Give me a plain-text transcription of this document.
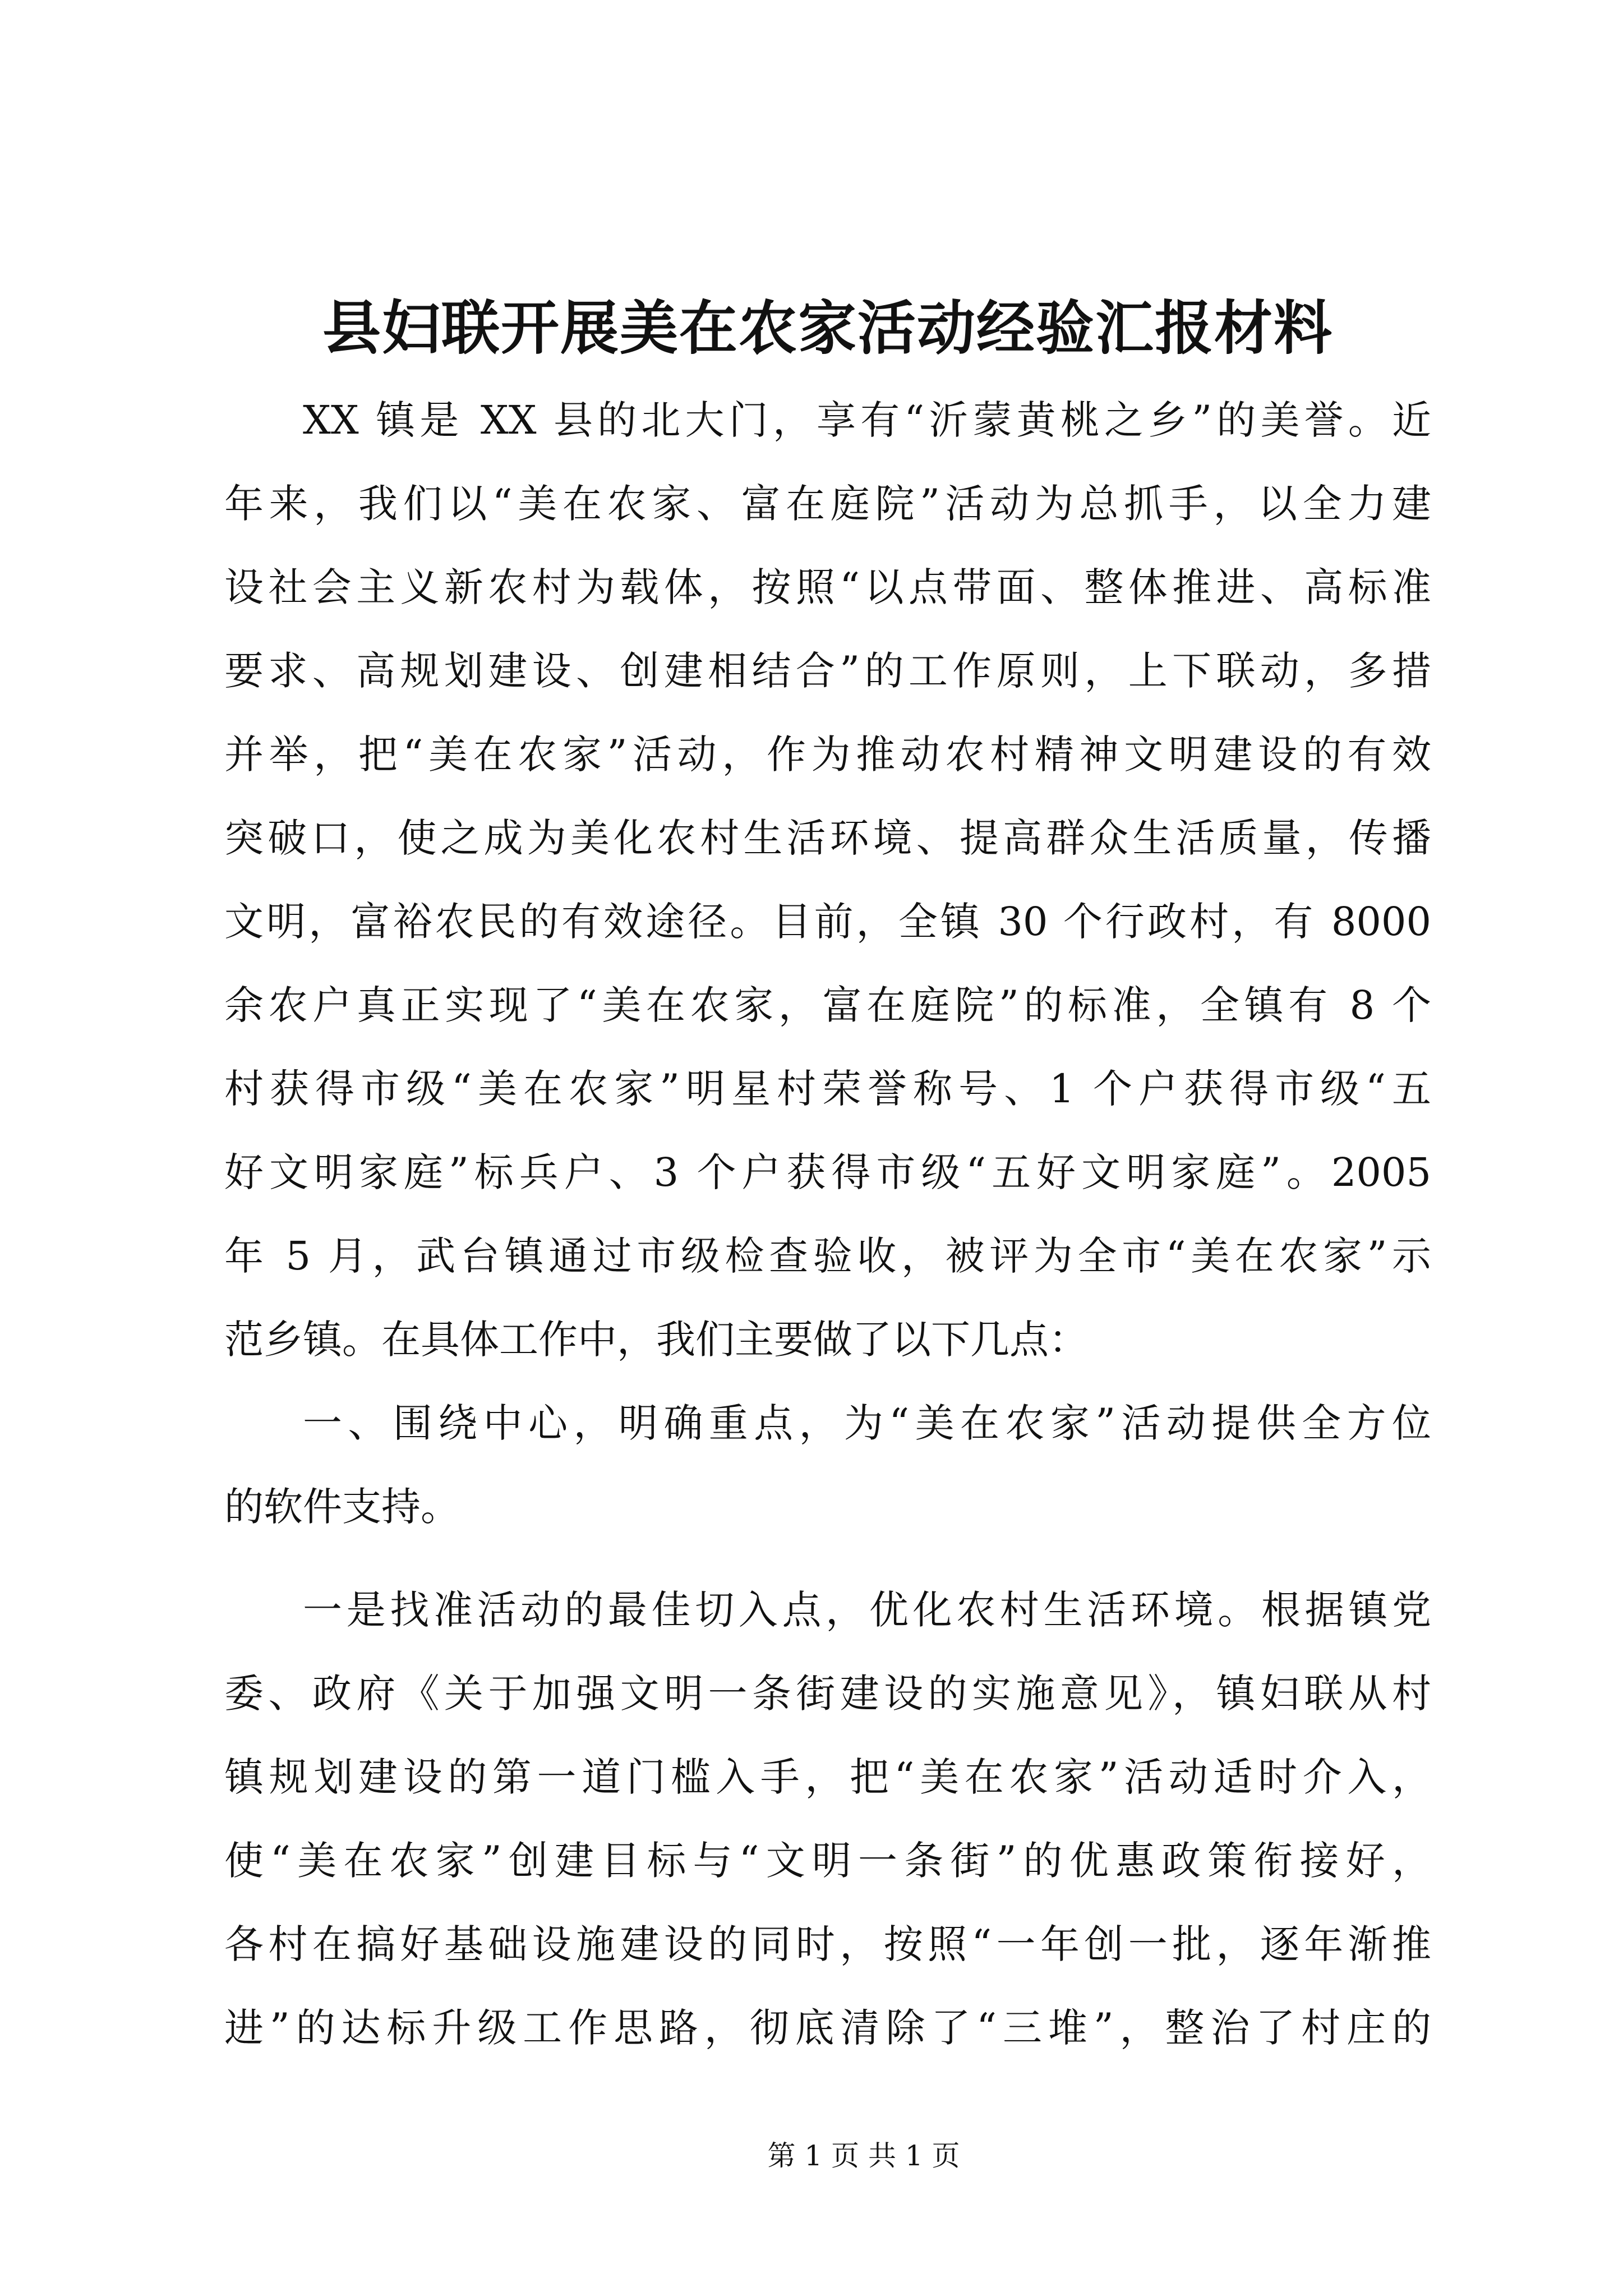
县妇联开展美在农家活动经验汇报材料
XX 镇是 XX 县的北大门，享有“沂蒙黄桃之乡”的美誉。近
年来，我们以“美在农家、富在庭院”活动为总抓手，以全力建
设社会主义新农村为载体，按照“以点带面、整体推进、高标准
要求、高规划建设、创建相结合”的工作原则，上下联动，多措
并举，把“美在农家”活动，作为推动农村精神文明建设的有效
突破口，使之成为美化农村生活环境、提高群众生活质量，传播
文明，富裕农民的有效途径。目前，全镇 30 个行政村，有 8000
余农户真正实现了“美在农家，富在庭院”的标准，全镇有 8 个
村获得市级“美在农家”明星村荣誉称号、1 个户获得市级“五
好文明家庭”标兵户、3 个户获得市级“五好文明家庭”。2005
年 5 月，武台镇通过市级检查验收，被评为全市“美在农家”示
范乡镇。在具体工作中，我们主要做了以下几点：
一、围绕中心，明确重点，为“美在农家”活动提供全方位
的软件支持。
一是找准活动的最佳切入点，优化农村生活环境。根据镇党
委、政府《关于加强文明一条街建设的实施意见》，镇妇联从村
镇规划建设的第一道门槛入手，把“美在农家”活动适时介入，
使“美在农家”创建目标与“文明一条街”的优惠政策衔接好，
各村在搞好基础设施建设的同时，按照“一年创一批，逐年渐推
进”的达标升级工作思路，彻底清除了“三堆”，整治了村庄的
第 1 页 共 1 页
